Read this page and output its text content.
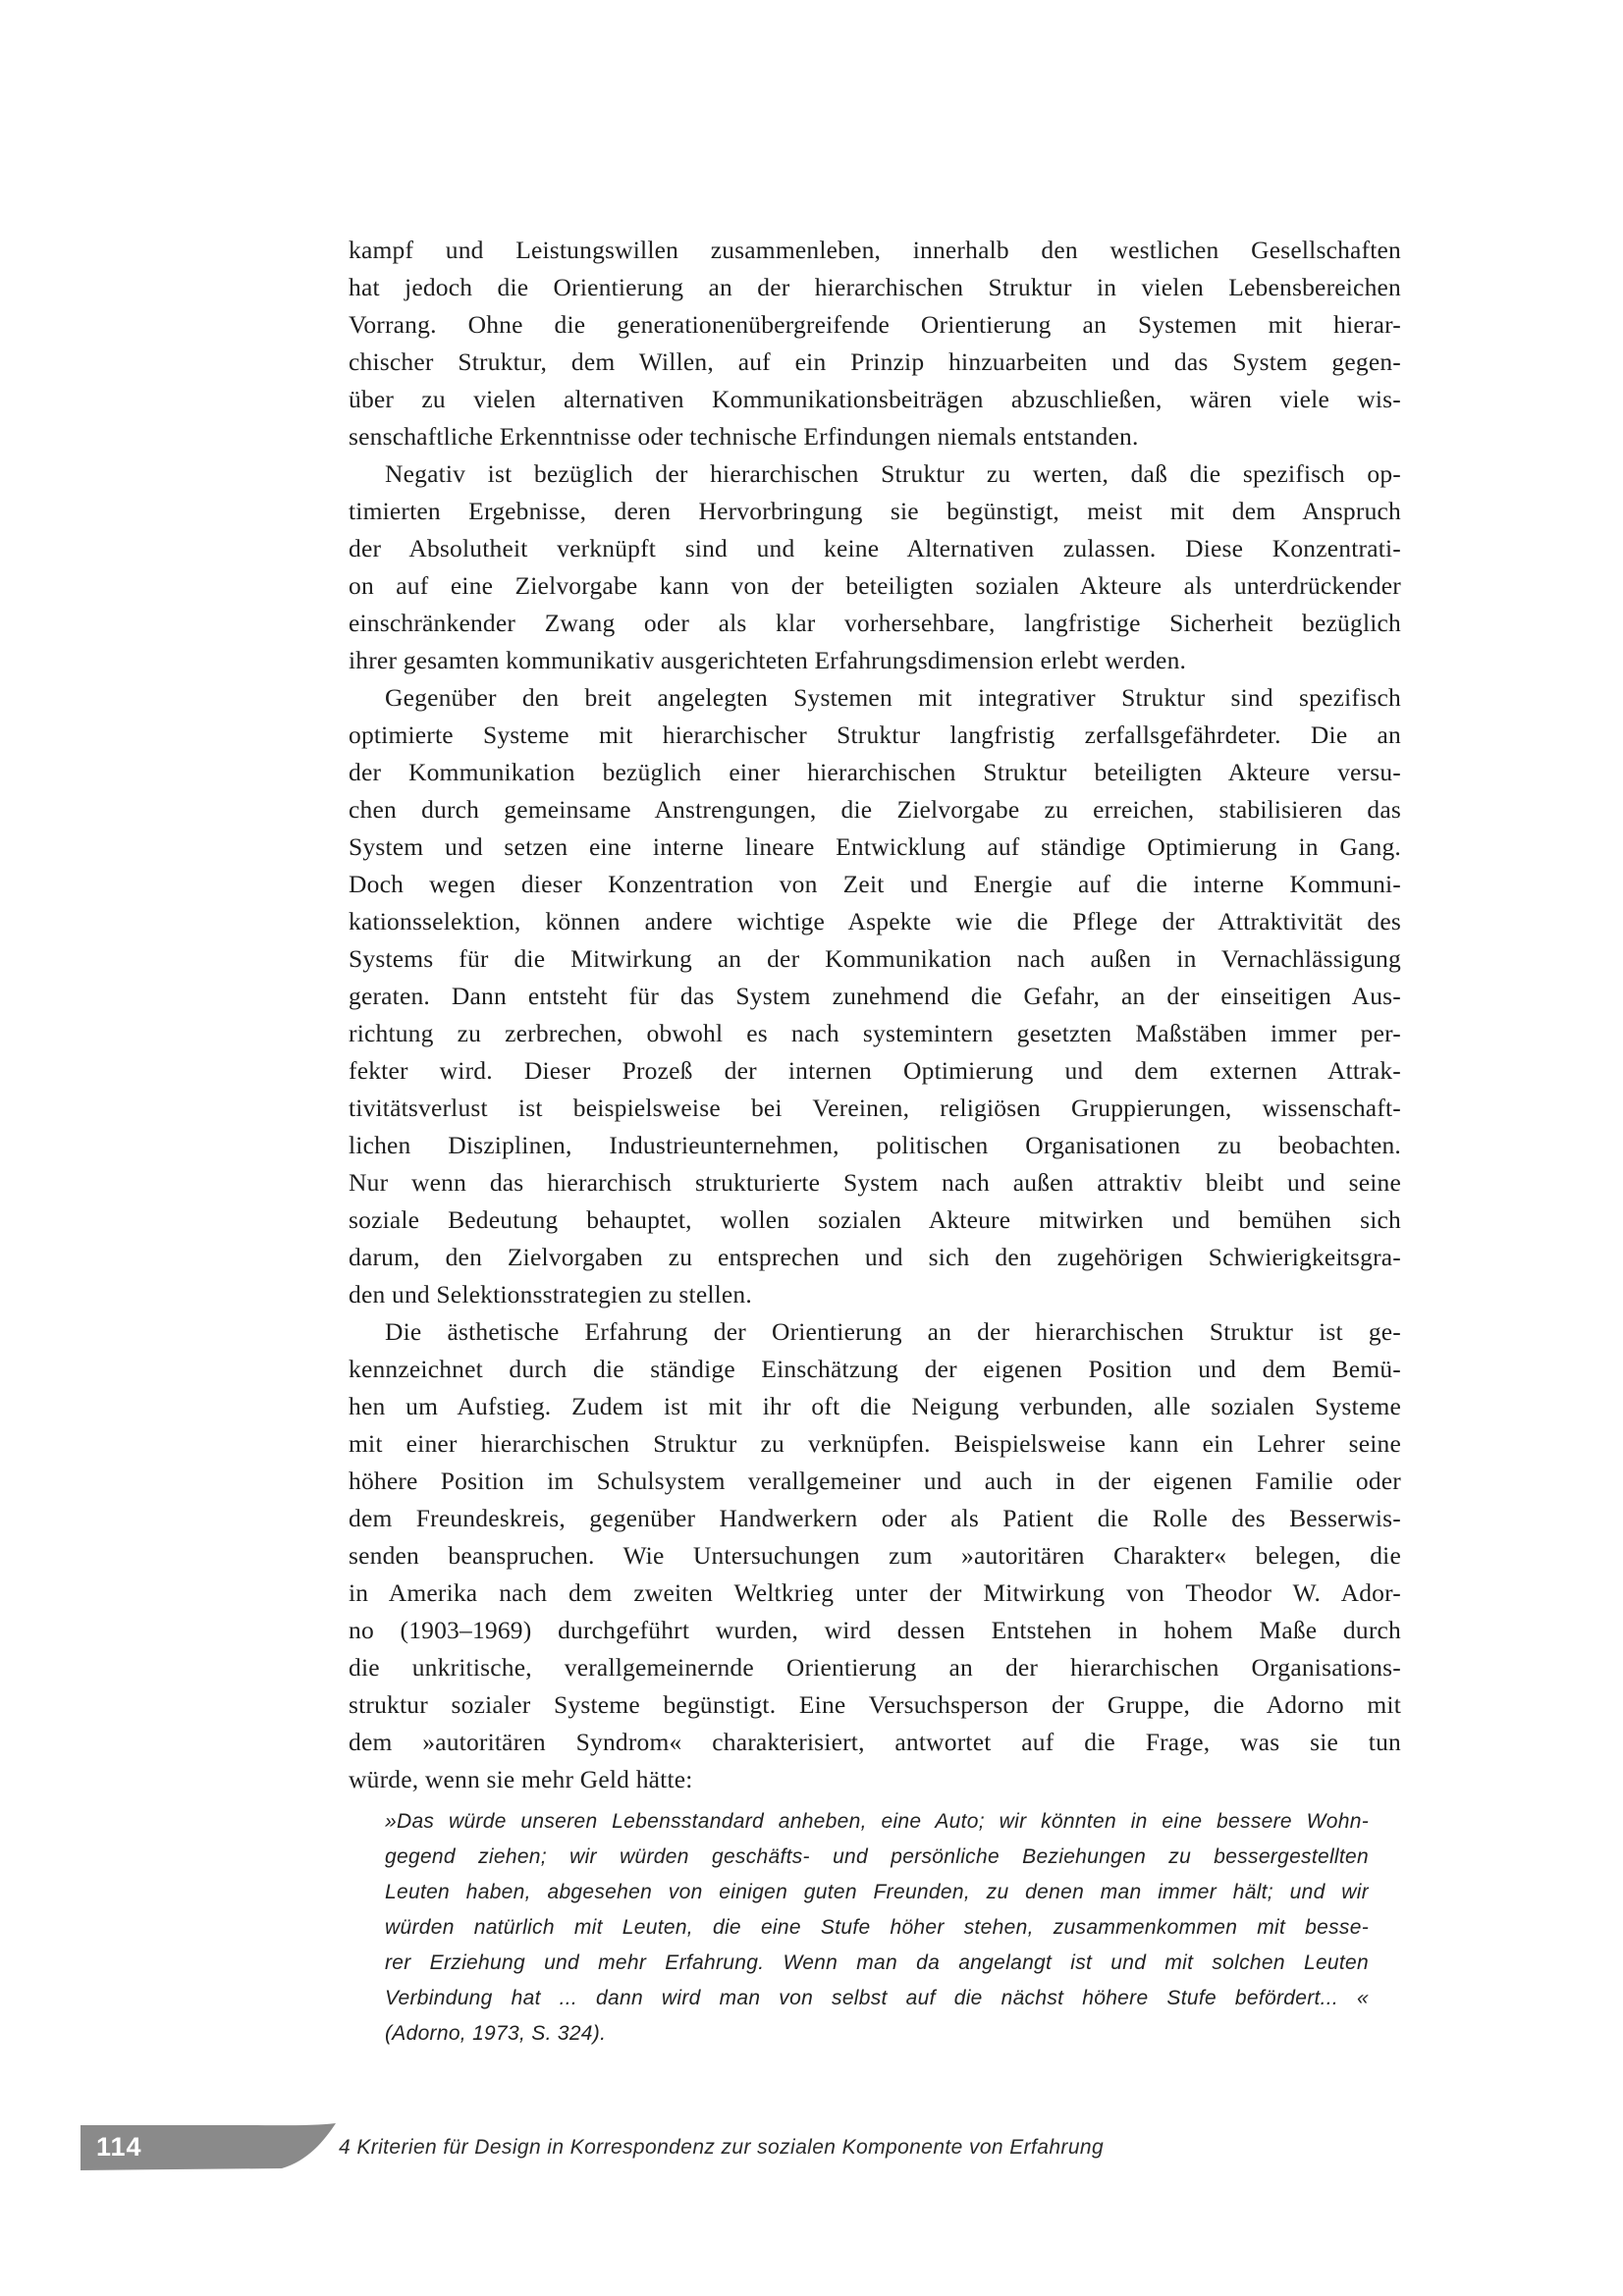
kampf und Leistungswillen zusammenleben, innerhalb den westlichen Gesellschaften
hat jedoch die Orientierung an der hierarchischen Struktur in vielen Lebensbereichen
Vorrang. Ohne die generationenübergreifende Orientierung an Systemen mit hierar-
chischer Struktur, dem Willen, auf ein Prinzip hinzuarbeiten und das System gegen-
über zu vielen alternativen Kommunikationsbeiträgen abzuschließen, wären viele wis-
senschaftliche Erkenntnisse oder technische Erfindungen niemals entstanden.
Negativ ist bezüglich der hierarchischen Struktur zu werten, daß die spezifisch op-
timierten Ergebnisse, deren Hervorbringung sie begünstigt, meist mit dem Anspruch
der Absolutheit verknüpft sind und keine Alternativen zulassen. Diese Konzentrati-
on auf eine Zielvorgabe kann von der beteiligten sozialen Akteure als unterdrückender
einschränkender Zwang oder als klar vorhersehbare, langfristige Sicherheit bezüglich
ihrer gesamten kommunikativ ausgerichteten Erfahrungsdimension erlebt werden.
Gegenüber den breit angelegten Systemen mit integrativer Struktur sind spezifisch
optimierte Systeme mit hierarchischer Struktur langfristig zerfallsgefährdeter. Die an
der Kommunikation bezüglich einer hierarchischen Struktur beteiligten Akteure versu-
chen durch gemeinsame Anstrengungen, die Zielvorgabe zu erreichen, stabilisieren das
System und setzen eine interne lineare Entwicklung auf ständige Optimierung in Gang.
Doch wegen dieser Konzentration von Zeit und Energie auf die interne Kommuni-
kationsselektion, können andere wichtige Aspekte wie die Pflege der Attraktivität des
Systems für die Mitwirkung an der Kommunikation nach außen in Vernachlässigung
geraten. Dann entsteht für das System zunehmend die Gefahr, an der einseitigen Aus-
richtung zu zerbrechen, obwohl es nach systemintern gesetzten Maßstäben immer per-
fekter wird. Dieser Prozeß der internen Optimierung und dem externen Attrak-
tivitätsverlust ist beispielsweise bei Vereinen, religiösen Gruppierungen, wissenschaft-
lichen Disziplinen, Industrieunternehmen, politischen Organisationen zu beobachten.
Nur wenn das hierarchisch strukturierte System nach außen attraktiv bleibt und seine
soziale Bedeutung behauptet, wollen sozialen Akteure mitwirken und bemühen sich
darum, den Zielvorgaben zu entsprechen und sich den zugehörigen Schwierigkeitsgra-
den und Selektionsstrategien zu stellen.
Die ästhetische Erfahrung der Orientierung an der hierarchischen Struktur ist ge-
kennzeichnet durch die ständige Einschätzung der eigenen Position und dem Bemü-
hen um Aufstieg. Zudem ist mit ihr oft die Neigung verbunden, alle sozialen Systeme
mit einer hierarchischen Struktur zu verknüpfen. Beispielsweise kann ein Lehrer seine
höhere Position im Schulsystem verallgemeiner und auch in der eigenen Familie oder
dem Freundeskreis, gegenüber Handwerkern oder als Patient die Rolle des Besserwis-
senden beanspruchen. Wie Untersuchungen zum »autoritären Charakter« belegen, die
in Amerika nach dem zweiten Weltkrieg unter der Mitwirkung von Theodor W. Ador-
no (1903–1969) durchgeführt wurden, wird dessen Entstehen in hohem Maße durch
die unkritische, verallgemeinernde Orientierung an der hierarchischen Organisations-
struktur sozialer Systeme begünstigt. Eine Versuchsperson der Gruppe, die Adorno mit
dem »autoritären Syndrom« charakterisiert, antwortet auf die Frage, was sie tun
würde, wenn sie mehr Geld hätte:
»Das würde unseren Lebensstandard anheben, eine Auto; wir könnten in eine bessere Wohn-
gegend ziehen; wir würden geschäfts- und persönliche Beziehungen zu bessergestellten
Leuten haben, abgesehen von einigen guten Freunden, zu denen man immer hält; und wir
würden natürlich mit Leuten, die eine Stufe höher stehen, zusammenkommen mit besse-
rer Erziehung und mehr Erfahrung. Wenn man da angelangt ist und mit solchen Leuten
Verbindung hat ... dann wird man von selbst auf die nächst höhere Stufe befördert... «
(Adorno, 1973, S. 324).
114	4 Kriterien für Design in Korrespondenz zur sozialen Komponente von Erfahrung
